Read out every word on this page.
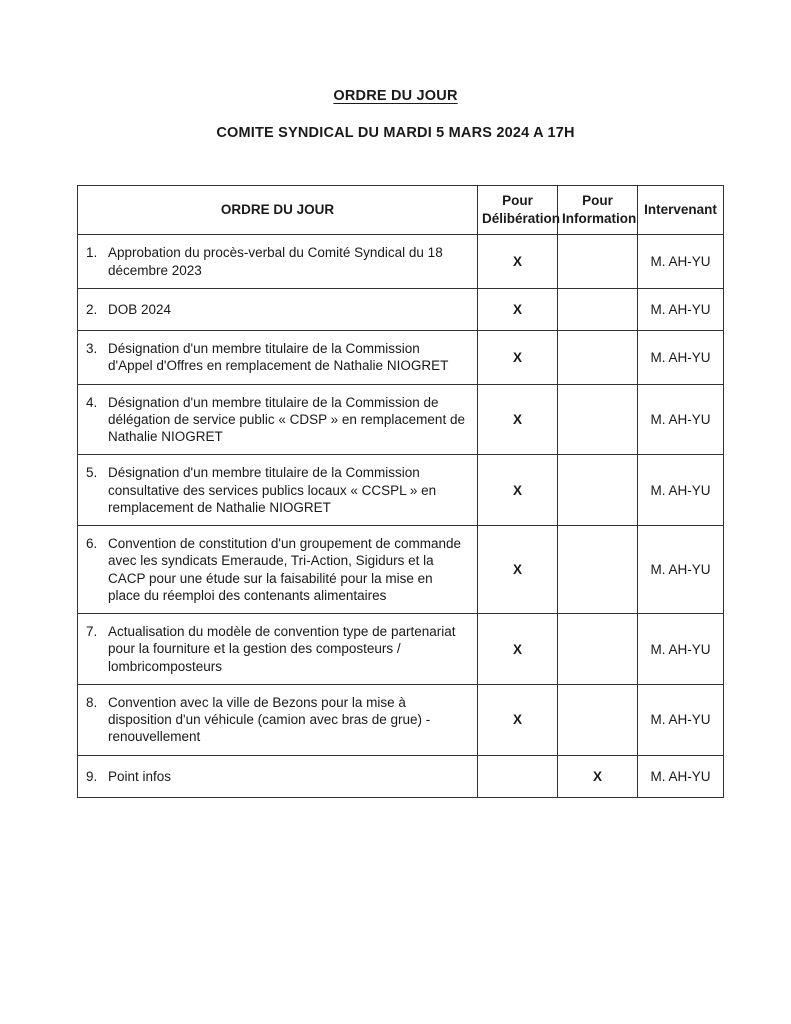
ORDRE DU JOUR
COMITE SYNDICAL DU MARDI 5 MARS 2024 A 17H
ORDRE DU JOUR	Pour Délibération	Pour Information	Intervenant

1. Approbation du procès-verbal du Comité Syndical du 18 décembre 2023	X		M. AH-YU

2. DOB 2024	X		M. AH-YU

3. Désignation d'un membre titulaire de la Commission d'Appel d'Offres en remplacement de Nathalie NIOGRET	X		M. AH-YU

4. Désignation d'un membre titulaire de la Commission de délégation de service public « CDSP » en remplacement de Nathalie NIOGRET	X		M. AH-YU

5. Désignation d'un membre titulaire de la Commission consultative des services publics locaux « CCSPL » en remplacement de Nathalie NIOGRET	X		M. AH-YU

6. Convention de constitution d'un groupement de commande avec les syndicats Emeraude, Tri-Action, Sigidurs et la CACP pour une étude sur la faisabilité pour la mise en place du réemploi des contenants alimentaires	X		M. AH-YU

7. Actualisation du modèle de convention type de partenariat pour la fourniture et la gestion des composteurs / lombricomposteurs	X		M. AH-YU

8. Convention avec la ville de Bezons pour la mise à disposition d'un véhicule (camion avec bras de grue) - renouvellement	X		M. AH-YU

9. Point infos		X	M. AH-YU
